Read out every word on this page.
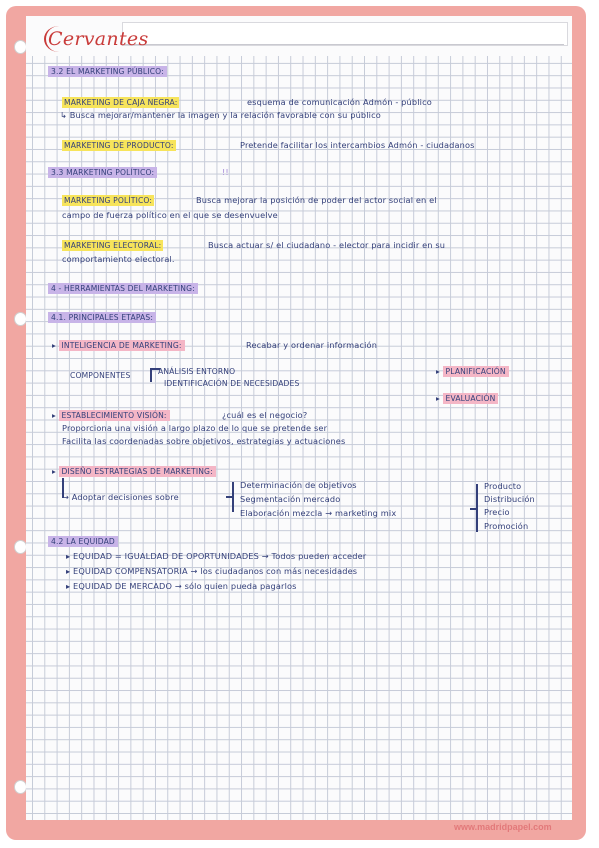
Cervantes
3.2 EL MARKETING PÚBLICO:
MARKETING DE CAJA NEGRA:	esquema de comunicación Admón - público
↳ Busca mejorar/mantener la imagen y la relación favorable con su público
MARKETING DE PRODUCTO:	Pretende facilitar los intercambios Admón - ciudadanos
3.3 MARKETING POLÍTICO:	!!
MARKETING POLÍTICO:	Busca mejorar la posición de poder del actor social en el
campo de fuerza político en el que se desenvuelve
MARKETING ELECTORAL:	Busca actuar s/ el ciudadano - elector para incidir en su
comportamiento electoral.
4 - HERRAMIENTAS DEL MARKETING:
4.1. PRINCIPALES ETAPAS:
▸ INTELIGENCIA DE MARKETING:	Recabar y ordenar información
COMPONENTES	ANÁLISIS ENTORNO
IDENTIFICACIÓN DE NECESIDADES
▸ PLANIFICACIÓN
▸ EVALUACIÓN
▸ ESTABLECIMIENTO VISIÓN:	¿cuál es el negocio?
Proporciona una visión a largo plazo de lo que se pretende ser
Facilita las coordenadas sobre objetivos, estrategias y actuaciones
▸ DISEÑO ESTRATEGIAS DE MARKETING:
→ Adoptar decisiones sobre
Determinación de objetivos
Segmentación mercado
Elaboración mezcla → marketing mix
Producto
Distribución
Precio
Promoción
4.2 LA EQUIDAD
▸ EQUIDAD = IGUALDAD DE OPORTUNIDADES → Todos pueden acceder
▸ EQUIDAD COMPENSATORIA → los ciudadanos con más necesidades
▸ EQUIDAD DE MERCADO → sólo quien pueda pagarlos
www.madridpapel.com
